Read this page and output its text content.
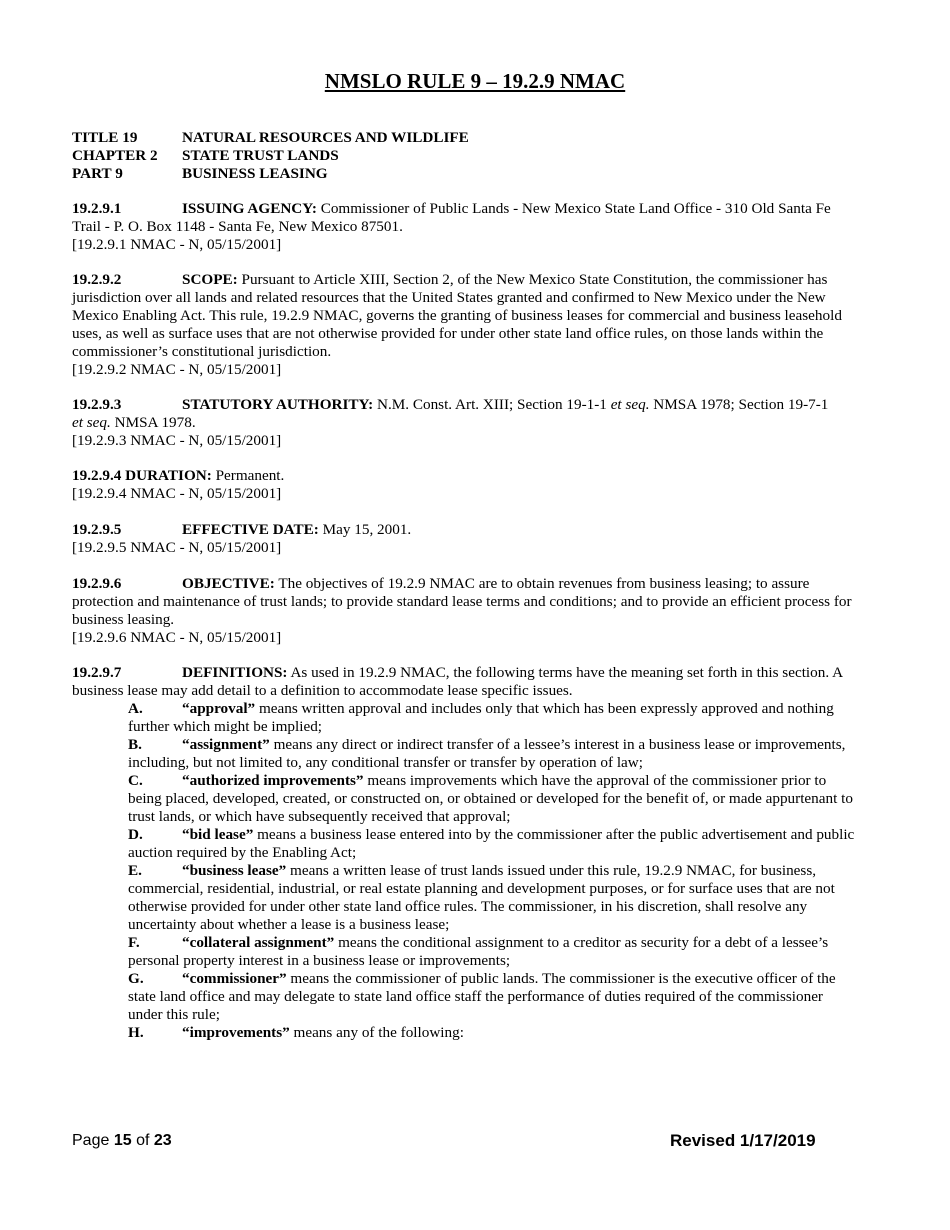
NMSLO RULE 9 – 19.2.9 NMAC
TITLE 19	NATURAL RESOURCES AND WILDLIFE
CHAPTER 2 STATE TRUST LANDS
PART 9	BUSINESS LEASING
19.2.9.1	ISSUING AGENCY: Commissioner of Public Lands - New Mexico State Land Office - 310 Old Santa Fe Trail - P. O. Box 1148 - Santa Fe, New Mexico 87501.
[19.2.9.1 NMAC - N, 05/15/2001]
19.2.9.2	SCOPE: Pursuant to Article XIII, Section 2, of the New Mexico State Constitution, the commissioner has jurisdiction over all lands and related resources that the United States granted and confirmed to New Mexico under the New Mexico Enabling Act. This rule, 19.2.9 NMAC, governs the granting of business leases for commercial and business leasehold uses, as well as surface uses that are not otherwise provided for under other state land office rules, on those lands within the commissioner’s constitutional jurisdiction.
[19.2.9.2 NMAC - N, 05/15/2001]
19.2.9.3	STATUTORY AUTHORITY: N.M. Const. Art. XIII; Section 19-1-1 et seq. NMSA 1978; Section 19-7-1
et seq. NMSA 1978.
[19.2.9.3 NMAC - N, 05/15/2001]
19.2.9.4 DURATION: Permanent.
[19.2.9.4 NMAC - N, 05/15/2001]
19.2.9.5	EFFECTIVE DATE: May 15, 2001.
[19.2.9.5 NMAC - N, 05/15/2001]
19.2.9.6	OBJECTIVE: The objectives of 19.2.9 NMAC are to obtain revenues from business leasing; to assure protection and maintenance of trust lands; to provide standard lease terms and conditions; and to provide an efficient process for business leasing.
[19.2.9.6 NMAC - N, 05/15/2001]
19.2.9.7	DEFINITIONS: As used in 19.2.9 NMAC, the following terms have the meaning set forth in this section. A business lease may add detail to a definition to accommodate lease specific issues.

A.	“approval” means written approval and includes only that which has been expressly approved and nothing further which might be implied;

B.	“assignment” means any direct or indirect transfer of a lessee’s interest in a business lease or improvements, including, but not limited to, any conditional transfer or transfer by operation of law;

C.	“authorized improvements” means improvements which have the approval of the commissioner prior to being placed, developed, created, or constructed on, or obtained or developed for the benefit of, or made appurtenant to trust lands, or which have subsequently received that approval;

D.	“bid lease” means a business lease entered into by the commissioner after the public advertisement and public auction required by the Enabling Act;

E.	“business lease” means a written lease of trust lands issued under this rule, 19.2.9 NMAC, for business, commercial, residential, industrial, or real estate planning and development purposes, or for surface uses that are not otherwise provided for under other state land office rules. The commissioner, in his discretion, shall resolve any uncertainty about whether a lease is a business lease;

F.	“collateral assignment” means the conditional assignment to a creditor as security for a debt of a lessee’s personal property interest in a business lease or improvements;

G.	“commissioner” means the commissioner of public lands. The commissioner is the executive officer of the state land office and may delegate to state land office staff the performance of duties required of the commissioner under this rule;

H.	“improvements” means any of the following:

Page 15 of 23	Revised 1/17/2019
